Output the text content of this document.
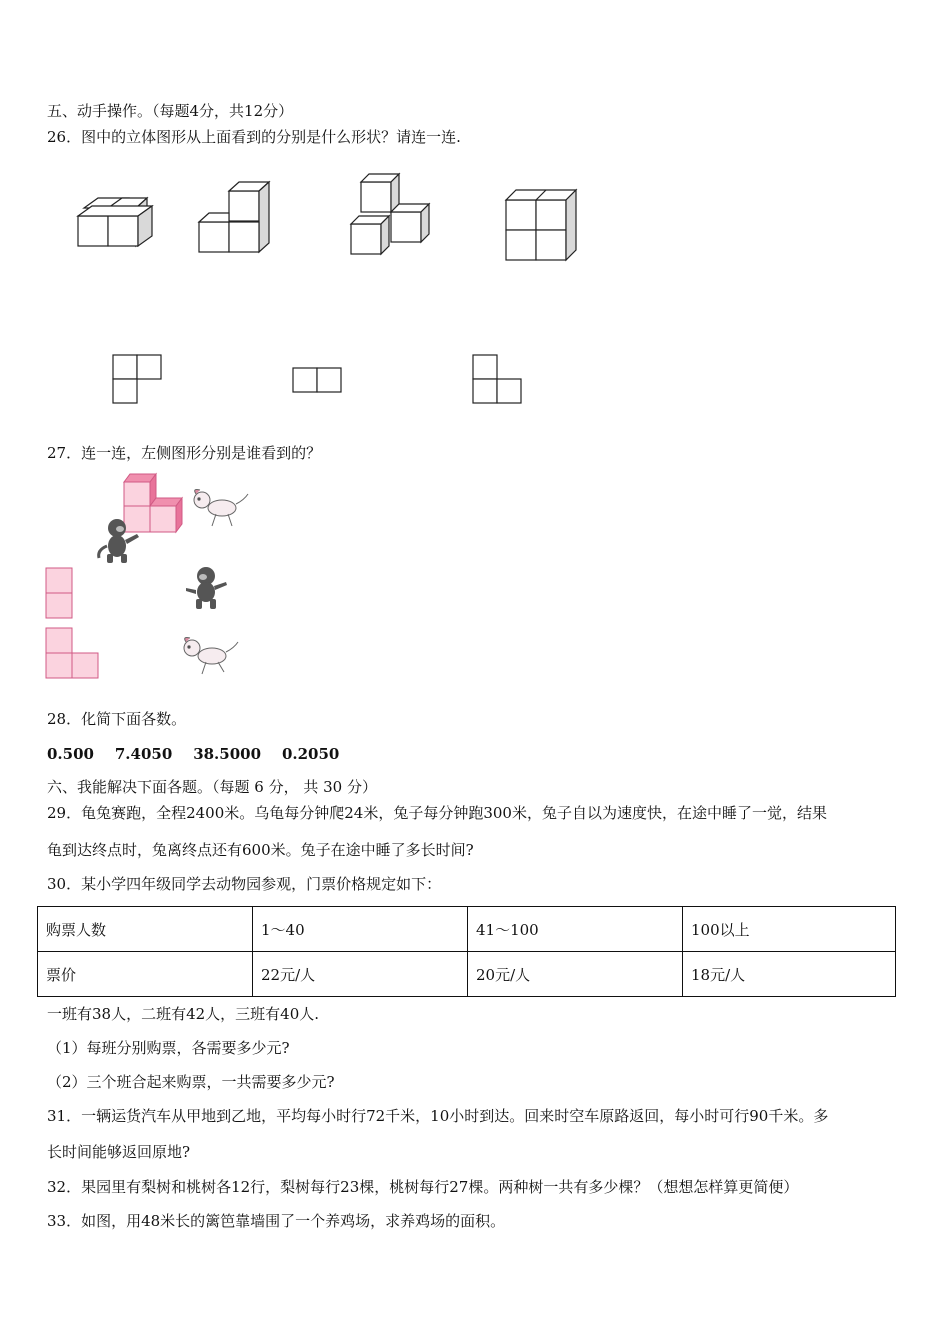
五、动手操作。（每题4分，共12分）
26．图中的立体图形从上面看到的分别是什么形状？请连一连.
27．连一连，左侧图形分别是谁看到的？
28．化简下面各数。
0.500 7.4050 38.5000 0.2050
六、我能解决下面各题。（每题 6 分， 共 30 分）
29．龟兔赛跑，全程2400米。乌龟每分钟爬24米，兔子每分钟跑300米，兔子自以为速度快，在途中睡了一觉，结果
龟到达终点时，兔离终点还有600米。兔子在途中睡了多长时间?
30．某小学四年级同学去动物园参观，门票价格规定如下：
购票人数	1～40	41～100	100以上
票价	22元/人	20元/人	18元/人
一班有38人，二班有42人，三班有40人.
（1）每班分别购票，各需要多少元?
（2）三个班合起来购票，一共需要多少元?
31．一辆运货汽车从甲地到乙地，平均每小时行72千米，10小时到达。回来时空车原路返回，每小时可行90千米。多
长时间能够返回原地?
32．果园里有梨树和桃树各12行，梨树每行23棵，桃树每行27棵。两种树一共有多少棵？（想想怎样算更简便）
33．如图，用48米长的篱笆靠墙围了一个养鸡场，求养鸡场的面积。
